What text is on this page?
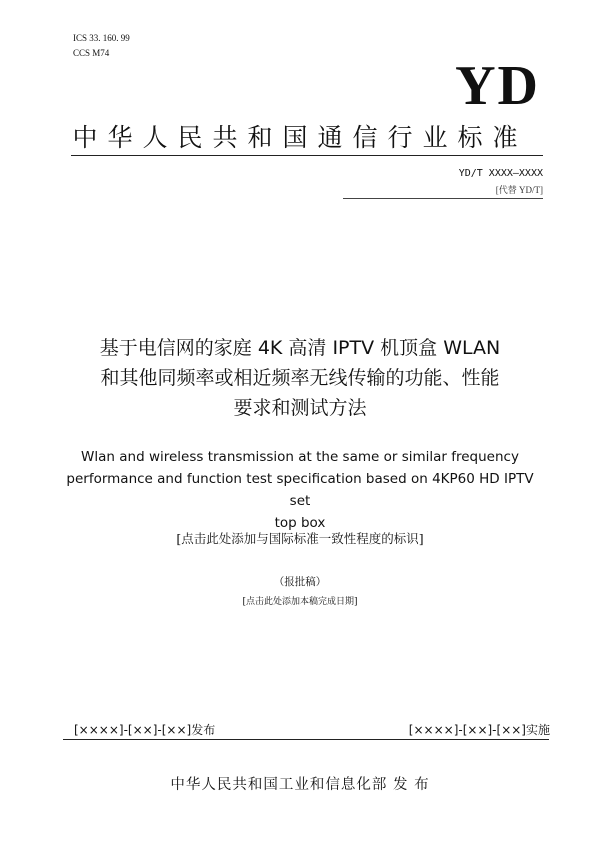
ICS 33. 160. 99
CCS M74
YD
中华人民共和国通信行业标准
YD/T XXXX—XXXX
[代替 YD/T]
基于电信网的家庭 4K 高清 IPTV 机顶盒 WLAN
和其他同频率或相近频率无线传输的功能、性能
要求和测试方法
Wlan and wireless transmission at the same or similar frequency
performance and function test specification based on 4KP60 HD IPTV set
top box
[点击此处添加与国际标准一致性程度的标识]
（报批稿）
[点击此处添加本稿完成日期]
[××××]-[××]-[××]发布	[××××]-[××]-[××]实施
中华人民共和国工业和信息化部 发 布
